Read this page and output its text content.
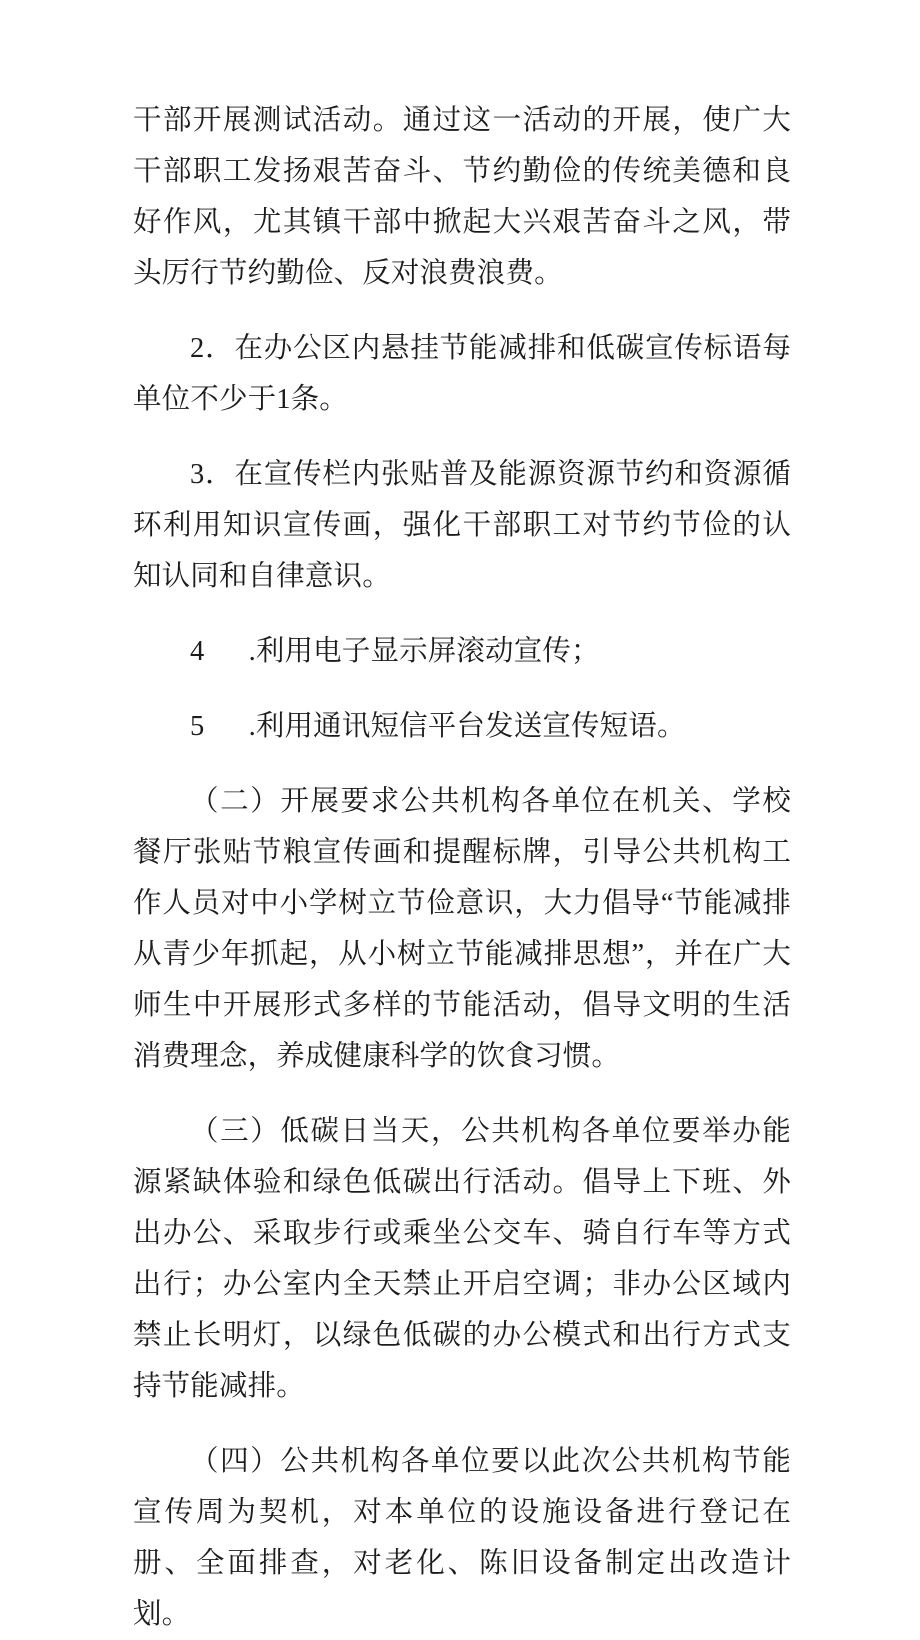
干部开展测试活动。通过这一活动的开展，使广大干部职工发扬艰苦奋斗、节约勤俭的传统美德和良好作风，尤其镇干部中掀起大兴艰苦奋斗之风，带头厉行节约勤俭、反对浪费浪费。

2．在办公区内悬挂节能减排和低碳宣传标语每单位不少于1条。

3．在宣传栏内张贴普及能源资源节约和资源循环利用知识宣传画，强化干部职工对节约节俭的认知认同和自律意识。

4 .利用电子显示屏滚动宣传；

5 .利用通讯短信平台发送宣传短语。

（二）开展要求公共机构各单位在机关、学校餐厅张贴节粮宣传画和提醒标牌，引导公共机构工作人员对中小学树立节俭意识，大力倡导“节能减排从青少年抓起，从小树立节能减排思想”，并在广大师生中开展形式多样的节能活动，倡导文明的生活消费理念，养成健康科学的饮食习惯。

（三）低碳日当天，公共机构各单位要举办能源紧缺体验和绿色低碳出行活动。倡导上下班、外出办公、采取步行或乘坐公交车、骑自行车等方式出行；办公室内全天禁止开启空调；非办公区域内禁止长明灯，以绿色低碳的办公模式和出行方式支持节能减排。

（四）公共机构各单位要以此次公共机构节能宣传周为契机，对本单位的设施设备进行登记在册、全面排查，对老化、陈旧设备制定出改造计划。
